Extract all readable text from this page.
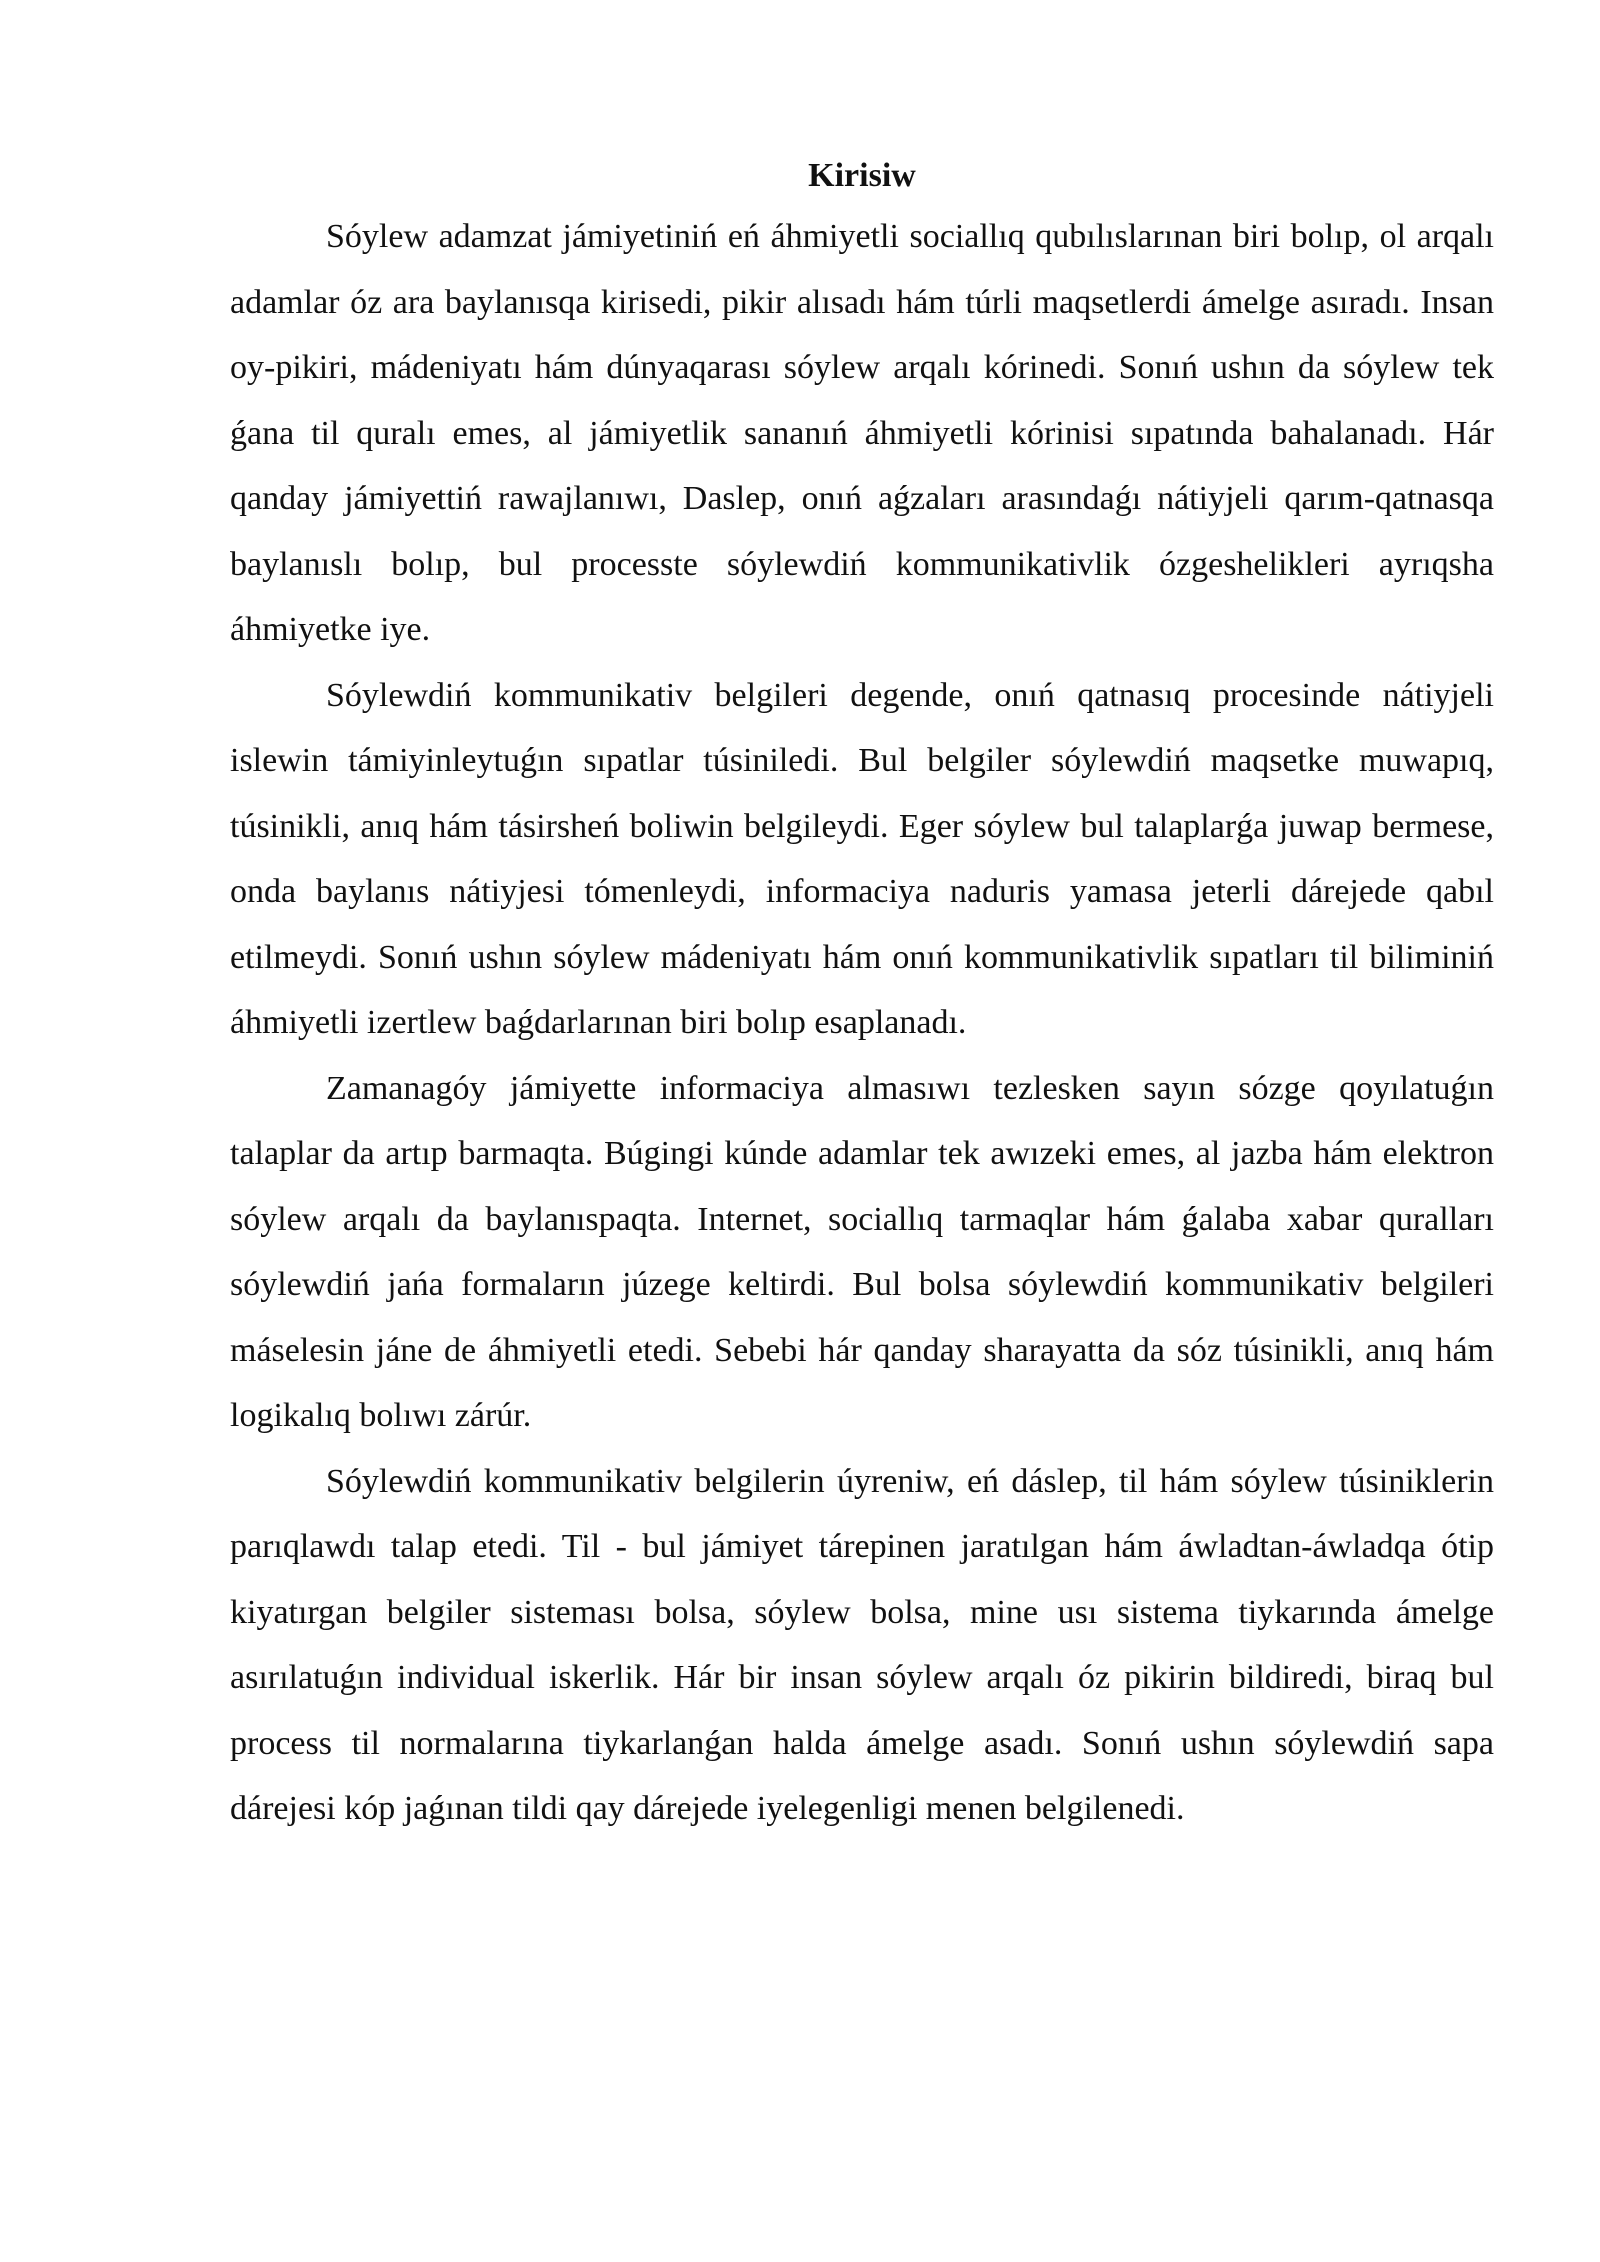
Kirisiw

Sóylew adamzat jámiyetiniń eń áhmiyetli sociallıq qubılıslarınan biri bolıp, ol arqalı adamlar óz ara baylanısqa kirisedi, pikir alısadı hám túrli maqsetlerdi ámelge asıradı. Insan oy-pikiri, mádeniyatı hám dúnyaqarası sóylew arqalı kórinedi. Sonıń ushın da sóylew tek ǵana til quralı emes, al jámiyetlik sananıń áhmiyetli kórinisi sıpatında bahalanadı. Hár qanday jámiyettiń rawajlanıwı, Daslep, onıń aǵzaları arasındaǵı nátiyjeli qarım-qatnasqa baylanıslı bolıp, bul processte sóylewdiń kommunikativlik ózgeshelikleri ayrıqsha áhmiyetke iye.

Sóylewdiń kommunikativ belgileri degende, onıń qatnasıq procesinde nátiyjeli islewin támiyinleytuǵın sıpatlar túsiniledi. Bul belgiler sóylewdiń maqsetke muwapıq, túsinikli, anıq hám tásirsheń boliwin belgileydi. Eger sóylew bul talaplarǵa juwap bermese, onda baylanıs nátiyjesi tómenleydi, informaciya naduris yamasa jeterli dárejede qabıl etilmeydi. Sonıń ushın sóylew mádeniyatı hám onıń kommunikativlik sıpatları til biliminiń áhmiyetli izertlew baǵdarlarınan biri bolıp esaplanadı.

Zamanagóy jámiyette informaciya almasıwı tezlesken sayın sózge qoyılatuǵın talaplar da artıp barmaqta. Búgingi kúnde adamlar tek awızeki emes, al jazba hám elektron sóylew arqalı da baylanıspaqta. Internet, sociallıq tarmaqlar hám ǵalaba xabar quralları sóylewdiń jańa formaların júzege keltirdi. Bul bolsa sóylewdiń kommunikativ belgileri máselesin jáne de áhmiyetli etedi. Sebebi hár qanday sharayatta da sóz túsinikli, anıq hám logikalıq bolıwı zárúr.

Sóylewdiń kommunikativ belgilerin úyreniw, eń dáslep, til hám sóylew túsiniklerin parıqlawdı talap etedi. Til - bul jámiyet tárepinen jaratılgan hám áwladtan-áwladqa ótip kiyatırgan belgiler sisteması bolsa, sóylew bolsa, mine usı sistema tiykarında ámelge asırılatuǵın individual iskerlik. Hár bir insan sóylew arqalı óz pikirin bildiredi, biraq bul process til normalarına tiykarlanǵan halda ámelge asadı. Sonıń ushın sóylewdiń sapa dárejesi kóp jaǵınan tildi qay dárejede iyelegenligi menen belgilenedi.
